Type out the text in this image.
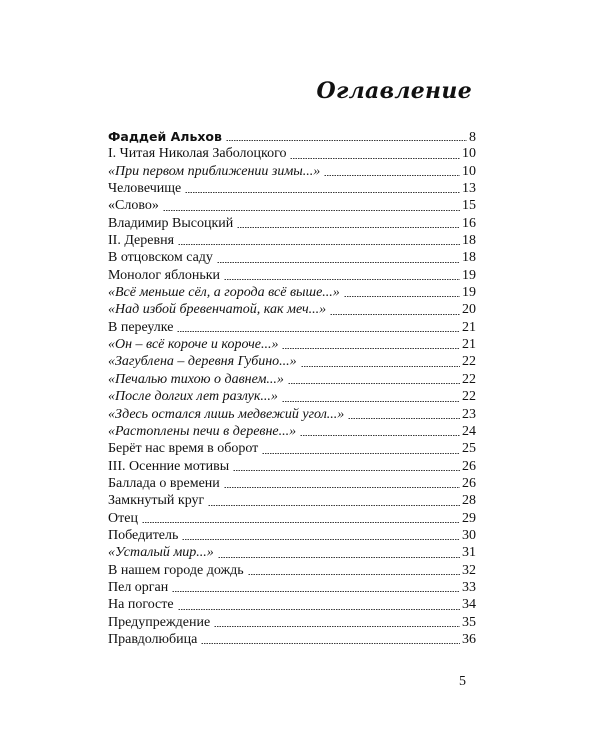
Оглавление
Фаддей Альхов	8
I. Читая Николая Заболоцкого	10
«При первом приближении зимы...»	10
Человечище	13
«Слово»	15
Владимир Высоцкий	16
II. Деревня	18
В отцовском саду	18
Монолог яблоньки	19
«Всё меньше сёл, а города всё выше...»	19
«Над избой бревенчатой, как меч...»	20
В переулке	21
«Он – всё короче и короче...»	21
«Загублена – деревня Губино...»	22
«Печалью тихою о давнем...»	22
«После долгих лет разлук...»	22
«Здесь остался лишь медвежий угол...»	23
«Растоплены печи в деревне...»	24
Берёт нас время в оборот	25
III. Осенние мотивы	26
Баллада о времени	26
Замкнутый круг	28
Отец	29
Победитель	30
«Усталый мир...»	31
В нашем городе дождь	32
Пел орган	33
На погосте	34
Предупреждение	35
Правдолюбица	36
5
